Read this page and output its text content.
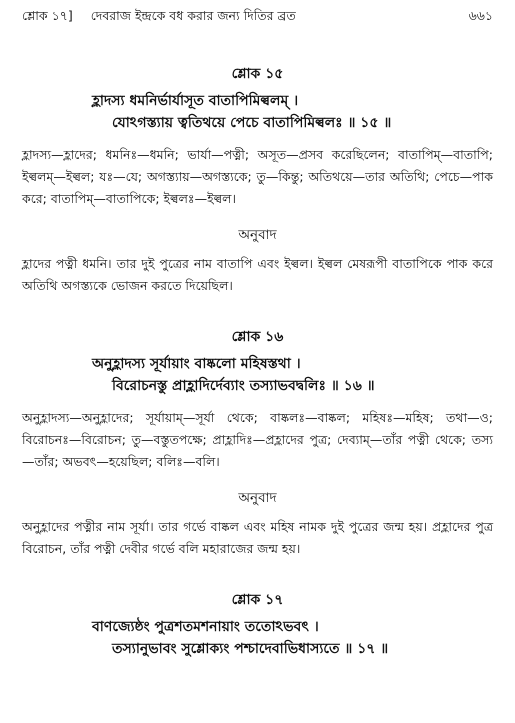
শ্লোক ১৭] দেবরাজ ইন্দ্রকে বধ করার জন্য দিতির ব্রত	৬৬১
শ্লোক ১৫
হ্লাদস্য ধমনির্ভার্যাসূত বাতাপিমিল্বলম্‌ ।
যোঽগস্ত্যায় ত্বতিথয়ে পেচে বাতাপিমিল্বলঃ ॥ ১৫ ॥
হ্লাদস্য—হ্লাদের; ধমনিঃ—ধমনি; ভার্যা—পত্নী; অসূত—প্রসব করেছিলেন; বাতাপিম্‌—বাতাপি; ইল্বলম্‌—ইল্বল; যঃ—যে; অগস্ত্যায়—অগস্ত্যকে; তু—কিন্তু; অতিথয়ে—তার অতিথি; পেচে—পাক করে; বাতাপিম্‌—বাতাপিকে; ইল্বলঃ—ইল্বল।
অনুবাদ
হ্লাদের পত্নী ধমনি। তার দুই পুত্রের নাম বাতাপি এবং ইল্বল। ইল্বল মেষরূপী বাতাপিকে পাক করে অতিথি অগস্ত্যকে ভোজন করতে দিয়েছিল।
শ্লোক ১৬
অনুহ্লাদস্য সূর্যায়াং বাষ্কলো মহিষস্তথা ।
বিরোচনস্তু প্রাহ্লাদির্দেব্যাং তস্যাভবদ্বলিঃ ॥ ১৬ ॥
অনুহ্লাদস্য—অনুহ্লাদের; সূর্যায়াম্‌—সূর্যা থেকে; বাষ্কলঃ—বাষ্কল; মহিষঃ—মহিষ; তথা—ও; বিরোচনঃ—বিরোচন; তু—বস্তুতপক্ষে; প্রাহ্লাদিঃ—প্রহ্লাদের পুত্র; দেব্যাম্‌—তাঁর পত্নী থেকে; তস্য—তাঁর; অভবৎ—হয়েছিল; বলিঃ—বলি।
অনুবাদ
অনুহ্লাদের পত্নীর নাম সূর্যা। তার গর্ভে বাষ্কল এবং মহিষ নামক দুই পুত্রের জন্ম হয়। প্রহ্লাদের পুত্র বিরোচন, তাঁর পত্নী দেবীর গর্ভে বলি মহারাজের জন্ম হয়।
শ্লোক ১৭
বাণজ্যেষ্ঠং পুত্রশতমশনায়াং ততোঽভবৎ ।
তস্যানুভাবং সুশ্লোক্যং পশ্চাদেবাভিধাস্যতে ॥ ১৭ ॥
